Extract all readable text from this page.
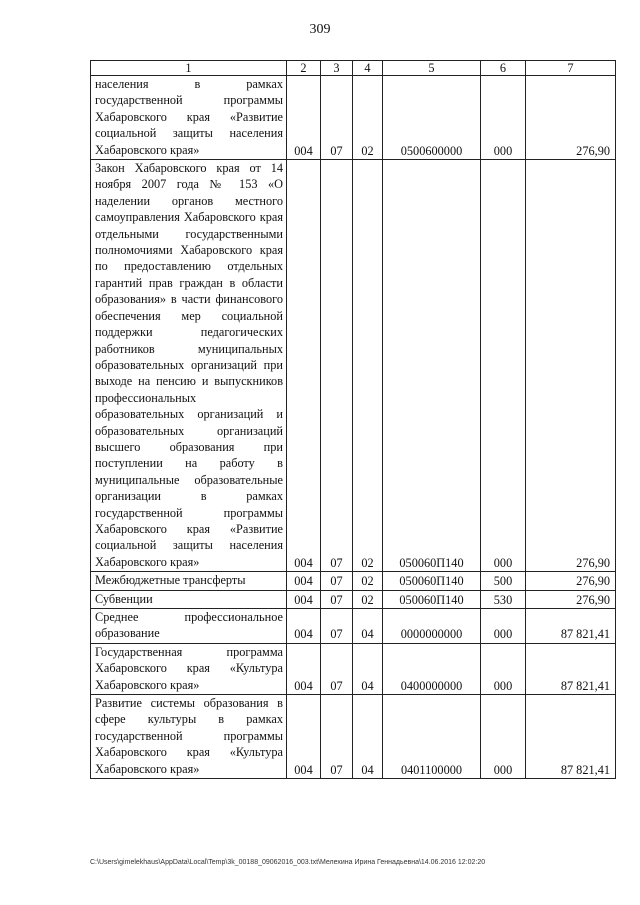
309
1	2	3	4	5	6	7
населения в рамках государственной программы Хабаровского края «Развитие социальной защиты населения Хабаровского края»	004	07	02	0500600000	000	276,90
Закон Хабаровского края от 14 ноября 2007 года № 153 «О наделении органов местного самоуправления Хабаровского края отдельными государственными полномочиями Хабаровского края по предоставлению отдельных гарантий прав граждан в области образования» в части финансового обеспечения мер социальной поддержки педагогических работников муниципальных образовательных организаций при выходе на пенсию и выпускников профессиональных образовательных организаций и образовательных организаций высшего образования при поступлении на работу в муниципальные образовательные организации в рамках государственной программы Хабаровского края «Развитие социальной защиты населения Хабаровского края»	004	07	02	050060П140	000	276,90
Межбюджетные трансферты	004	07	02	050060П140	500	276,90
Субвенции	004	07	02	050060П140	530	276,90
Среднее профессиональное образование	004	07	04	0000000000	000	87 821,41
Государственная программа Хабаровского края «Культура Хабаровского края»	004	07	04	0400000000	000	87 821,41
Развитие системы образования в сфере культуры в рамках государственной программы Хабаровского края «Культура Хабаровского края»	004	07	04	0401100000	000	87 821,41
C:\Users\gimelekhaus\AppData\Local\Temp\3k_00188_09062016_003.txt\Мелехина Ирина Геннадьевна\14.06.2016 12:02:20
